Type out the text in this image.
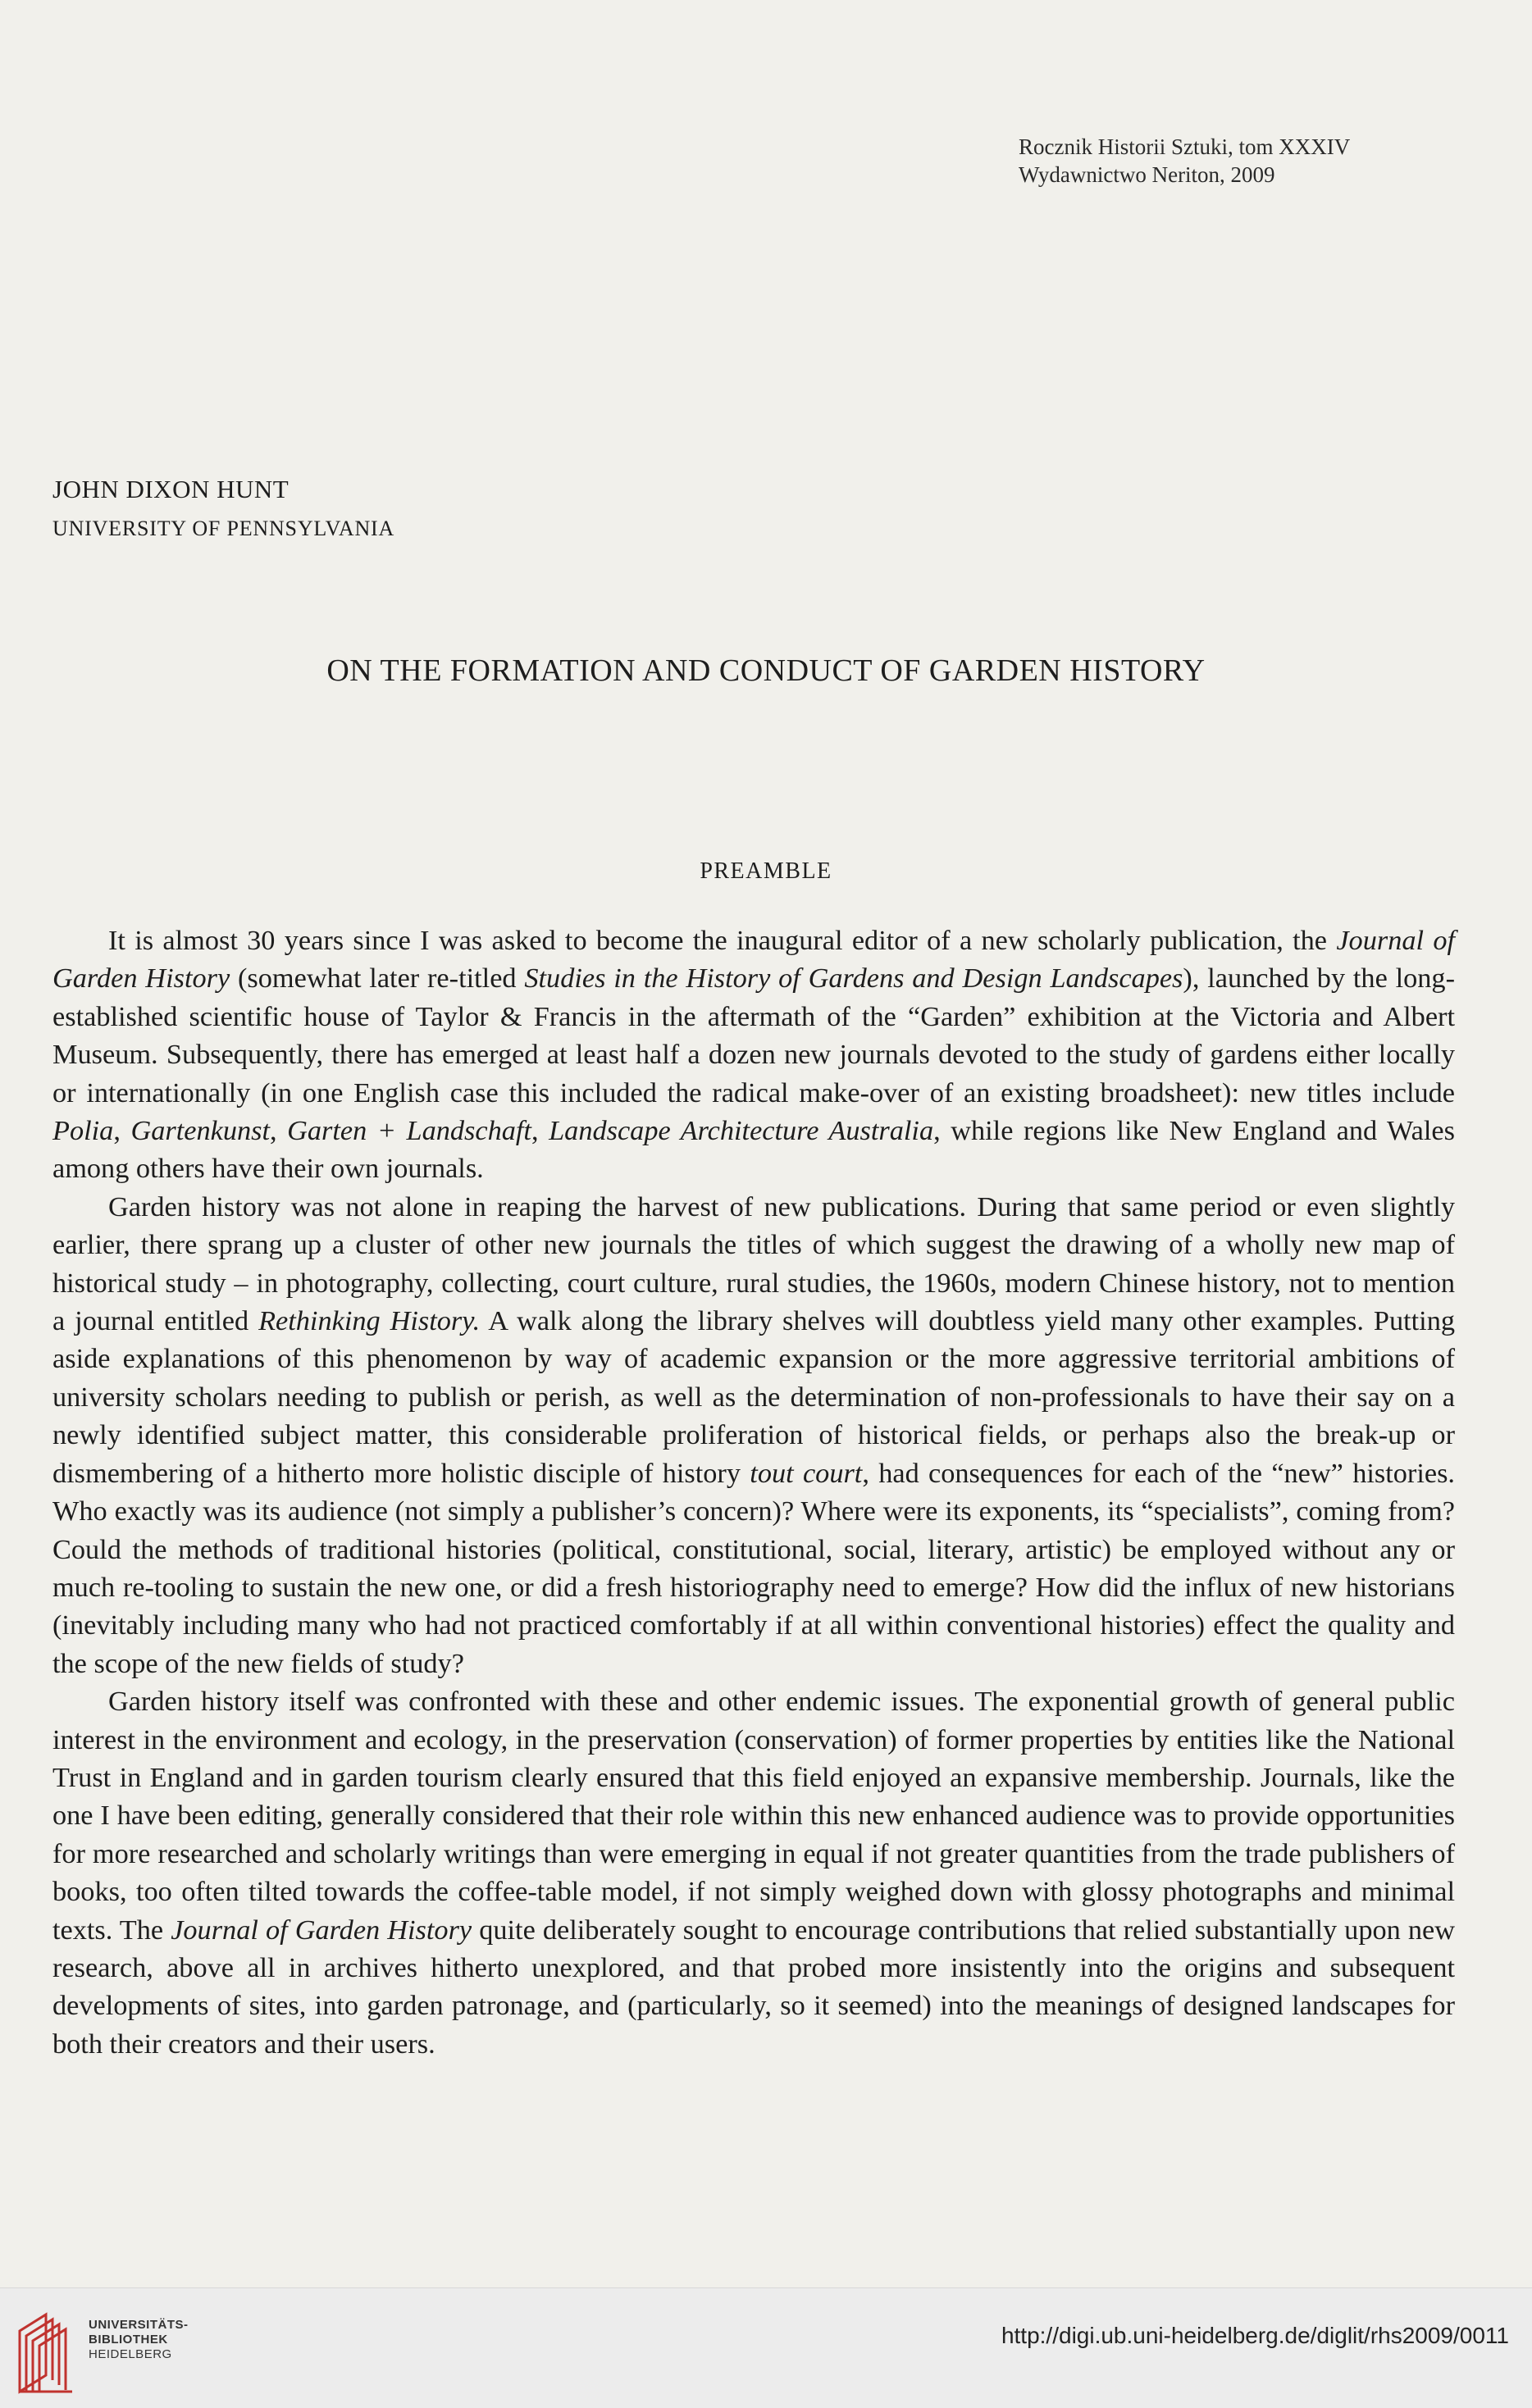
Rocznik Historii Sztuki, tom XXXIV
Wydawnictwo Neriton, 2009
JOHN DIXON HUNT
UNIVERSITY OF PENNSYLVANIA
ON THE FORMATION AND CONDUCT OF GARDEN HISTORY
PREAMBLE

It is almost 30 years since I was asked to become the inaugural editor of a new scholarly publication, the Journal of Garden History (somewhat later re-titled Studies in the History of Gardens and Design Landscapes), launched by the long-established scientific house of Taylor & Francis in the aftermath of the “Garden” exhibition at the Victoria and Albert Museum. Subsequently, there has emerged at least half a dozen new journals devoted to the study of gardens either locally or internationally (in one English case this included the radical make-over of an existing broadsheet): new titles include Polia, Gartenkunst, Garten + Landschaft, Landscape Architecture Australia, while regions like New England and Wales among others have their own journals.

Garden history was not alone in reaping the harvest of new publications. During that same period or even slightly earlier, there sprang up a cluster of other new journals the titles of which suggest the drawing of a wholly new map of historical study – in photography, collecting, court culture, rural studies, the 1960s, modern Chinese history, not to mention a journal entitled Rethinking History. A walk along the library shelves will doubtless yield many other examples. Putting aside explanations of this phenomenon by way of academic expansion or the more aggressive territorial ambitions of university scholars needing to publish or perish, as well as the determination of non-professionals to have their say on a newly identified subject matter, this considerable proliferation of historical fields, or perhaps also the break-up or dismembering of a hitherto more holistic disciple of history tout court, had consequences for each of the “new” histories. Who exactly was its audience (not simply a publisher’s concern)? Where were its exponents, its “specialists”, coming from? Could the methods of traditional histories (political, constitutional, social, literary, artistic) be employed without any or much re-tooling to sustain the new one, or did a fresh historiography need to emerge? How did the influx of new historians (inevitably including many who had not practiced comfortably if at all within conventional histories) effect the quality and the scope of the new fields of study?

Garden history itself was confronted with these and other endemic issues. The exponential growth of general public interest in the environment and ecology, in the preservation (conservation) of former properties by entities like the National Trust in England and in garden tourism clearly ensured that this field enjoyed an expansive membership. Journals, like the one I have been editing, generally considered that their role within this new enhanced audience was to provide opportunities for more researched and scholarly writings than were emerging in equal if not greater quantities from the trade publishers of books, too often tilted towards the coffee-table model, if not simply weighed down with glossy photographs and minimal texts. The Journal of Garden History quite deliberately sought to encourage contributions that relied substantially upon new research, above all in archives hitherto unexplored, and that probed more insistently into the origins and subsequent developments of sites, into garden patronage, and (particularly, so it seemed) into the meanings of designed landscapes for both their creators and their users.

UNIVERSITÄTS-
BIBLIOTHEK
HEIDELBERG
http://digi.ub.uni-heidelberg.de/diglit/rhs2009/0011
